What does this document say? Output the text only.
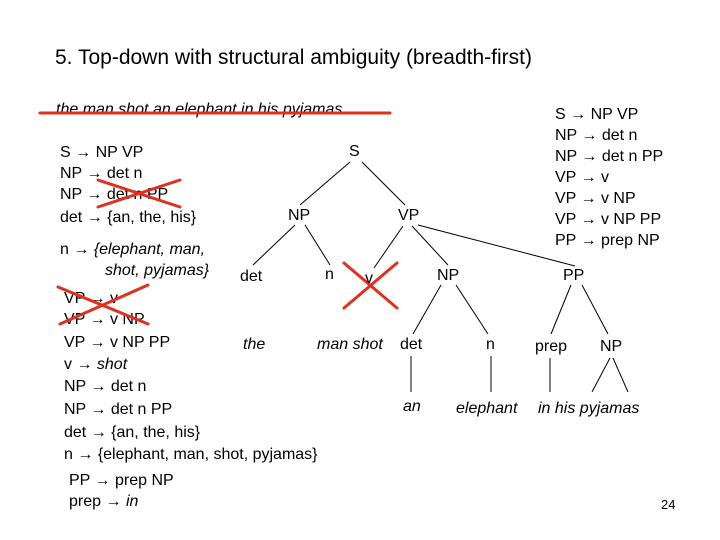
5. Top-down with structural ambiguity (breadth-first)
the man shot an elephant in his pyjamas
S → NP VP
NP → det n
NP → det n PP
det → {an, the, his}
n → {elephant, man,
shot, pyjamas}
VP → v
VP → v NP
VP → v NP PP
v → shot
NP → det n
NP → det n PP
det → {an, the, his}
n → {elephant, man, shot, pyjamas}
PP → prep NP
prep → in
S → NP VP
NP → det n
NP → det n PP
VP → v
VP → v NP
VP → v NP PP
PP → prep NP
S
NP	VP
det	n v	NP	PP
the	man shot det	n	prep NP
an elephant in his pyjamas
24
